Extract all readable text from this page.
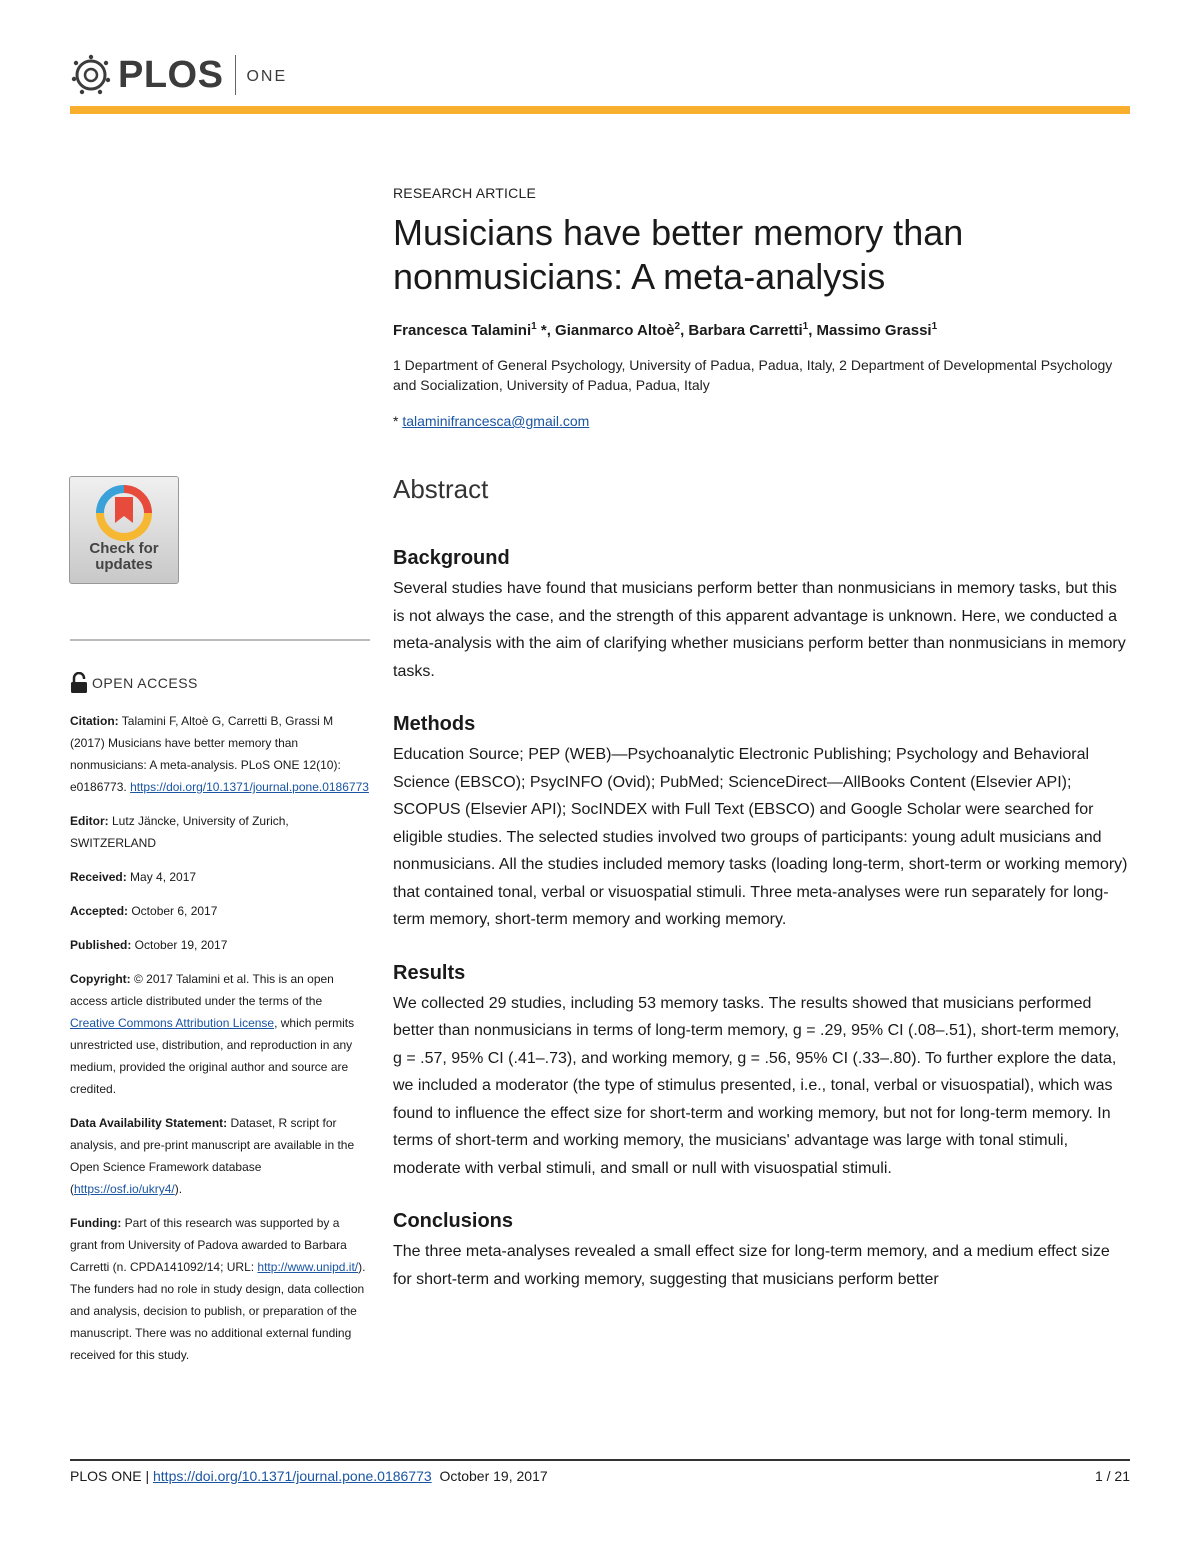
PLOS ONE
Check for
updates
OPEN ACCESS

Citation: Talamini F, Altoè G, Carretti B, Grassi M (2017) Musicians have better memory than nonmusicians: A meta-analysis. PLoS ONE 12(10): e0186773. https://doi.org/10.1371/journal.pone.0186773

Editor: Lutz Jäncke, University of Zurich, SWITZERLAND

Received: May 4, 2017

Accepted: October 6, 2017

Published: October 19, 2017

Copyright: © 2017 Talamini et al. This is an open access article distributed under the terms of the Creative Commons Attribution License, which permits unrestricted use, distribution, and reproduction in any medium, provided the original author and source are credited.

Data Availability Statement: Dataset, R script for analysis, and pre-print manuscript are available in the Open Science Framework database (https://osf.io/ukry4/).

Funding: Part of this research was supported by a grant from University of Padova awarded to Barbara Carretti (n. CPDA141092/14; URL: http://www.unipd.it/). The funders had no role in study design, data collection and analysis, decision to publish, or preparation of the manuscript. There was no additional external funding received for this study.

RESEARCH ARTICLE
Musicians have better memory than
nonmusicians: A meta-analysis
Francesca Talamini$^1$ *, Gianmarco Altoè$^2$, Barbara Carretti$^1$, Massimo Grassi$^1$
1 Department of General Psychology, University of Padua, Padua, Italy, 2 Department of Developmental Psychology and Socialization, University of Padua, Padua, Italy
* talaminifrancesca@gmail.com
Abstract
Background

Several studies have found that musicians perform better than nonmusicians in memory tasks, but this is not always the case, and the strength of this apparent advantage is unknown. Here, we conducted a meta-analysis with the aim of clarifying whether musicians perform better than nonmusicians in memory tasks.

Methods

Education Source; PEP (WEB)—Psychoanalytic Electronic Publishing; Psychology and Behavioral Science (EBSCO); PsycINFO (Ovid); PubMed; ScienceDirect—AllBooks Content (Elsevier API); SCOPUS (Elsevier API); SocINDEX with Full Text (EBSCO) and Google Scholar were searched for eligible studies. The selected studies involved two groups of participants: young adult musicians and nonmusicians. All the studies included memory tasks (loading long-term, short-term or working memory) that contained tonal, verbal or visuospatial stimuli. Three meta-analyses were run separately for long-term memory, short-term memory and working memory.

Results

We collected 29 studies, including 53 memory tasks. The results showed that musicians performed better than nonmusicians in terms of long-term memory, g = .29, 95% CI (.08–.51), short-term memory, g = .57, 95% CI (.41–.73), and working memory, g = .56, 95% CI (.33–.80). To further explore the data, we included a moderator (the type of stimulus presented, i.e., tonal, verbal or visuospatial), which was found to influence the effect size for short-term and working memory, but not for long-term memory. In terms of short-term and working memory, the musicians' advantage was large with tonal stimuli, moderate with verbal stimuli, and small or null with visuospatial stimuli.

Conclusions

The three meta-analyses revealed a small effect size for long-term memory, and a medium effect size for short-term and working memory, suggesting that musicians perform better

PLOS ONE | https://doi.org/10.1371/journal.pone.0186773  October 19, 2017	1 / 21
